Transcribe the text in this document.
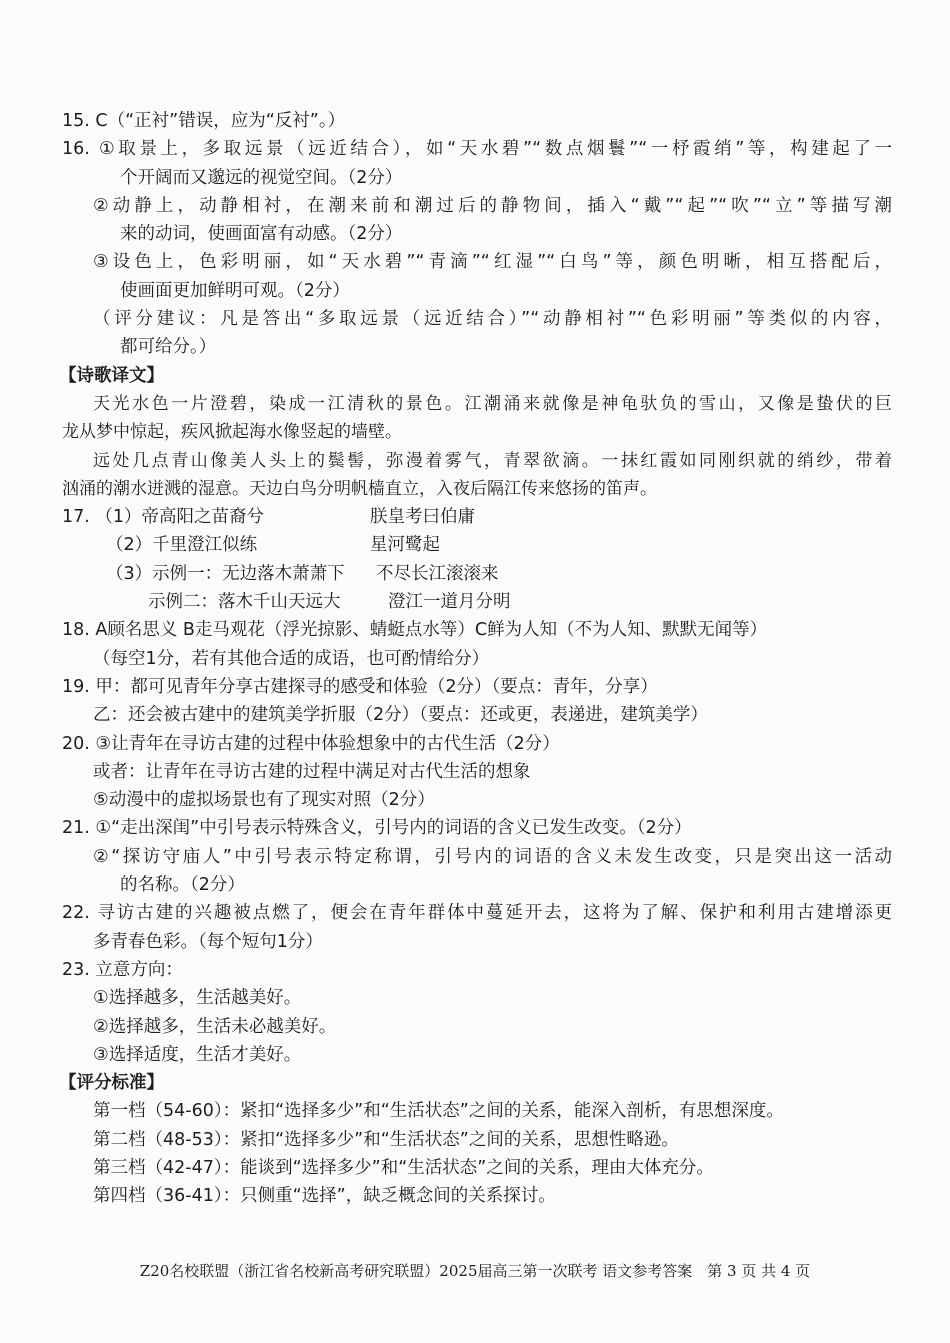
15. C（“正衬”错误，应为“反衬”。）
16. ①取景上，多取远景（远近结合），如“天水碧”“数点烟鬟”“一杼霞绡”等，构建起了一
个开阔而又邈远的视觉空间。（2分）
②动静上，动静相衬，在潮来前和潮过后的静物间，插入“戴”“起”“吹”“立”等描写潮
来的动词，使画面富有动感。（2分）
③设色上，色彩明丽，如“天水碧”“青滴”“红湿”“白鸟”等，颜色明晰，相互搭配后，
使画面更加鲜明可观。（2分）
（评分建议：凡是答出“多取远景（远近结合）”“动静相衬”“色彩明丽”等类似的内容，
都可给分。）
【诗歌译文】
天光水色一片澄碧，染成一江清秋的景色。江潮涌来就像是神龟驮负的雪山，又像是蛰伏的巨
龙从梦中惊起，疾风掀起海水像竖起的墙壁。
远处几点青山像美人头上的鬓髻，弥漫着雾气，青翠欲滴。一抹红霞如同刚织就的绡纱，带着
汹涌的潮水迸溅的湿意。天边白鸟分明帆樯直立，入夜后隔江传来悠扬的笛声。
17. （1）帝高阳之苗裔兮	朕皇考曰伯庸
（2）千里澄江似练	星河鹭起
（3）示例一：无边落木萧萧下 不尽长江滚滚来
示例二：落木千山天远大	澄江一道月分明
18. A顾名思义 B走马观花（浮光掠影、蜻蜓点水等）C鲜为人知（不为人知、默默无闻等）
（每空1分，若有其他合适的成语，也可酌情给分）
19. 甲：都可见青年分享古建探寻的感受和体验（2分）（要点：青年，分享）
乙：还会被古建中的建筑美学折服（2分）（要点：还或更，表递进，建筑美学）
20. ③让青年在寻访古建的过程中体验想象中的古代生活（2分）
或者：让青年在寻访古建的过程中满足对古代生活的想象
⑤动漫中的虚拟场景也有了现实对照（2分）
21. ①“走出深闺”中引号表示特殊含义，引号内的词语的含义已发生改变。（2分）
②“探访守庙人”中引号表示特定称谓，引号内的词语的含义未发生改变，只是突出这一活动
的名称。（2分）
22. 寻访古建的兴趣被点燃了，便会在青年群体中蔓延开去，这将为了解、保护和利用古建增添更
多青春色彩。（每个短句1分）
23. 立意方向：
①选择越多，生活越美好。
②选择越多，生活未必越美好。
③选择适度，生活才美好。
【评分标准】
第一档（54-60）：紧扣“选择多少”和“生活状态”之间的关系，能深入剖析，有思想深度。
第二档（48-53）：紧扣“选择多少”和“生活状态”之间的关系，思想性略逊。
第三档（42-47）：能谈到“选择多少”和“生活状态”之间的关系，理由大体充分。
第四档（36-41）：只侧重“选择”，缺乏概念间的关系探讨。
Z20名校联盟（浙江省名校新高考研究联盟）2025届高三第一次联考 语文参考答案　第 3 页 共 4 页
